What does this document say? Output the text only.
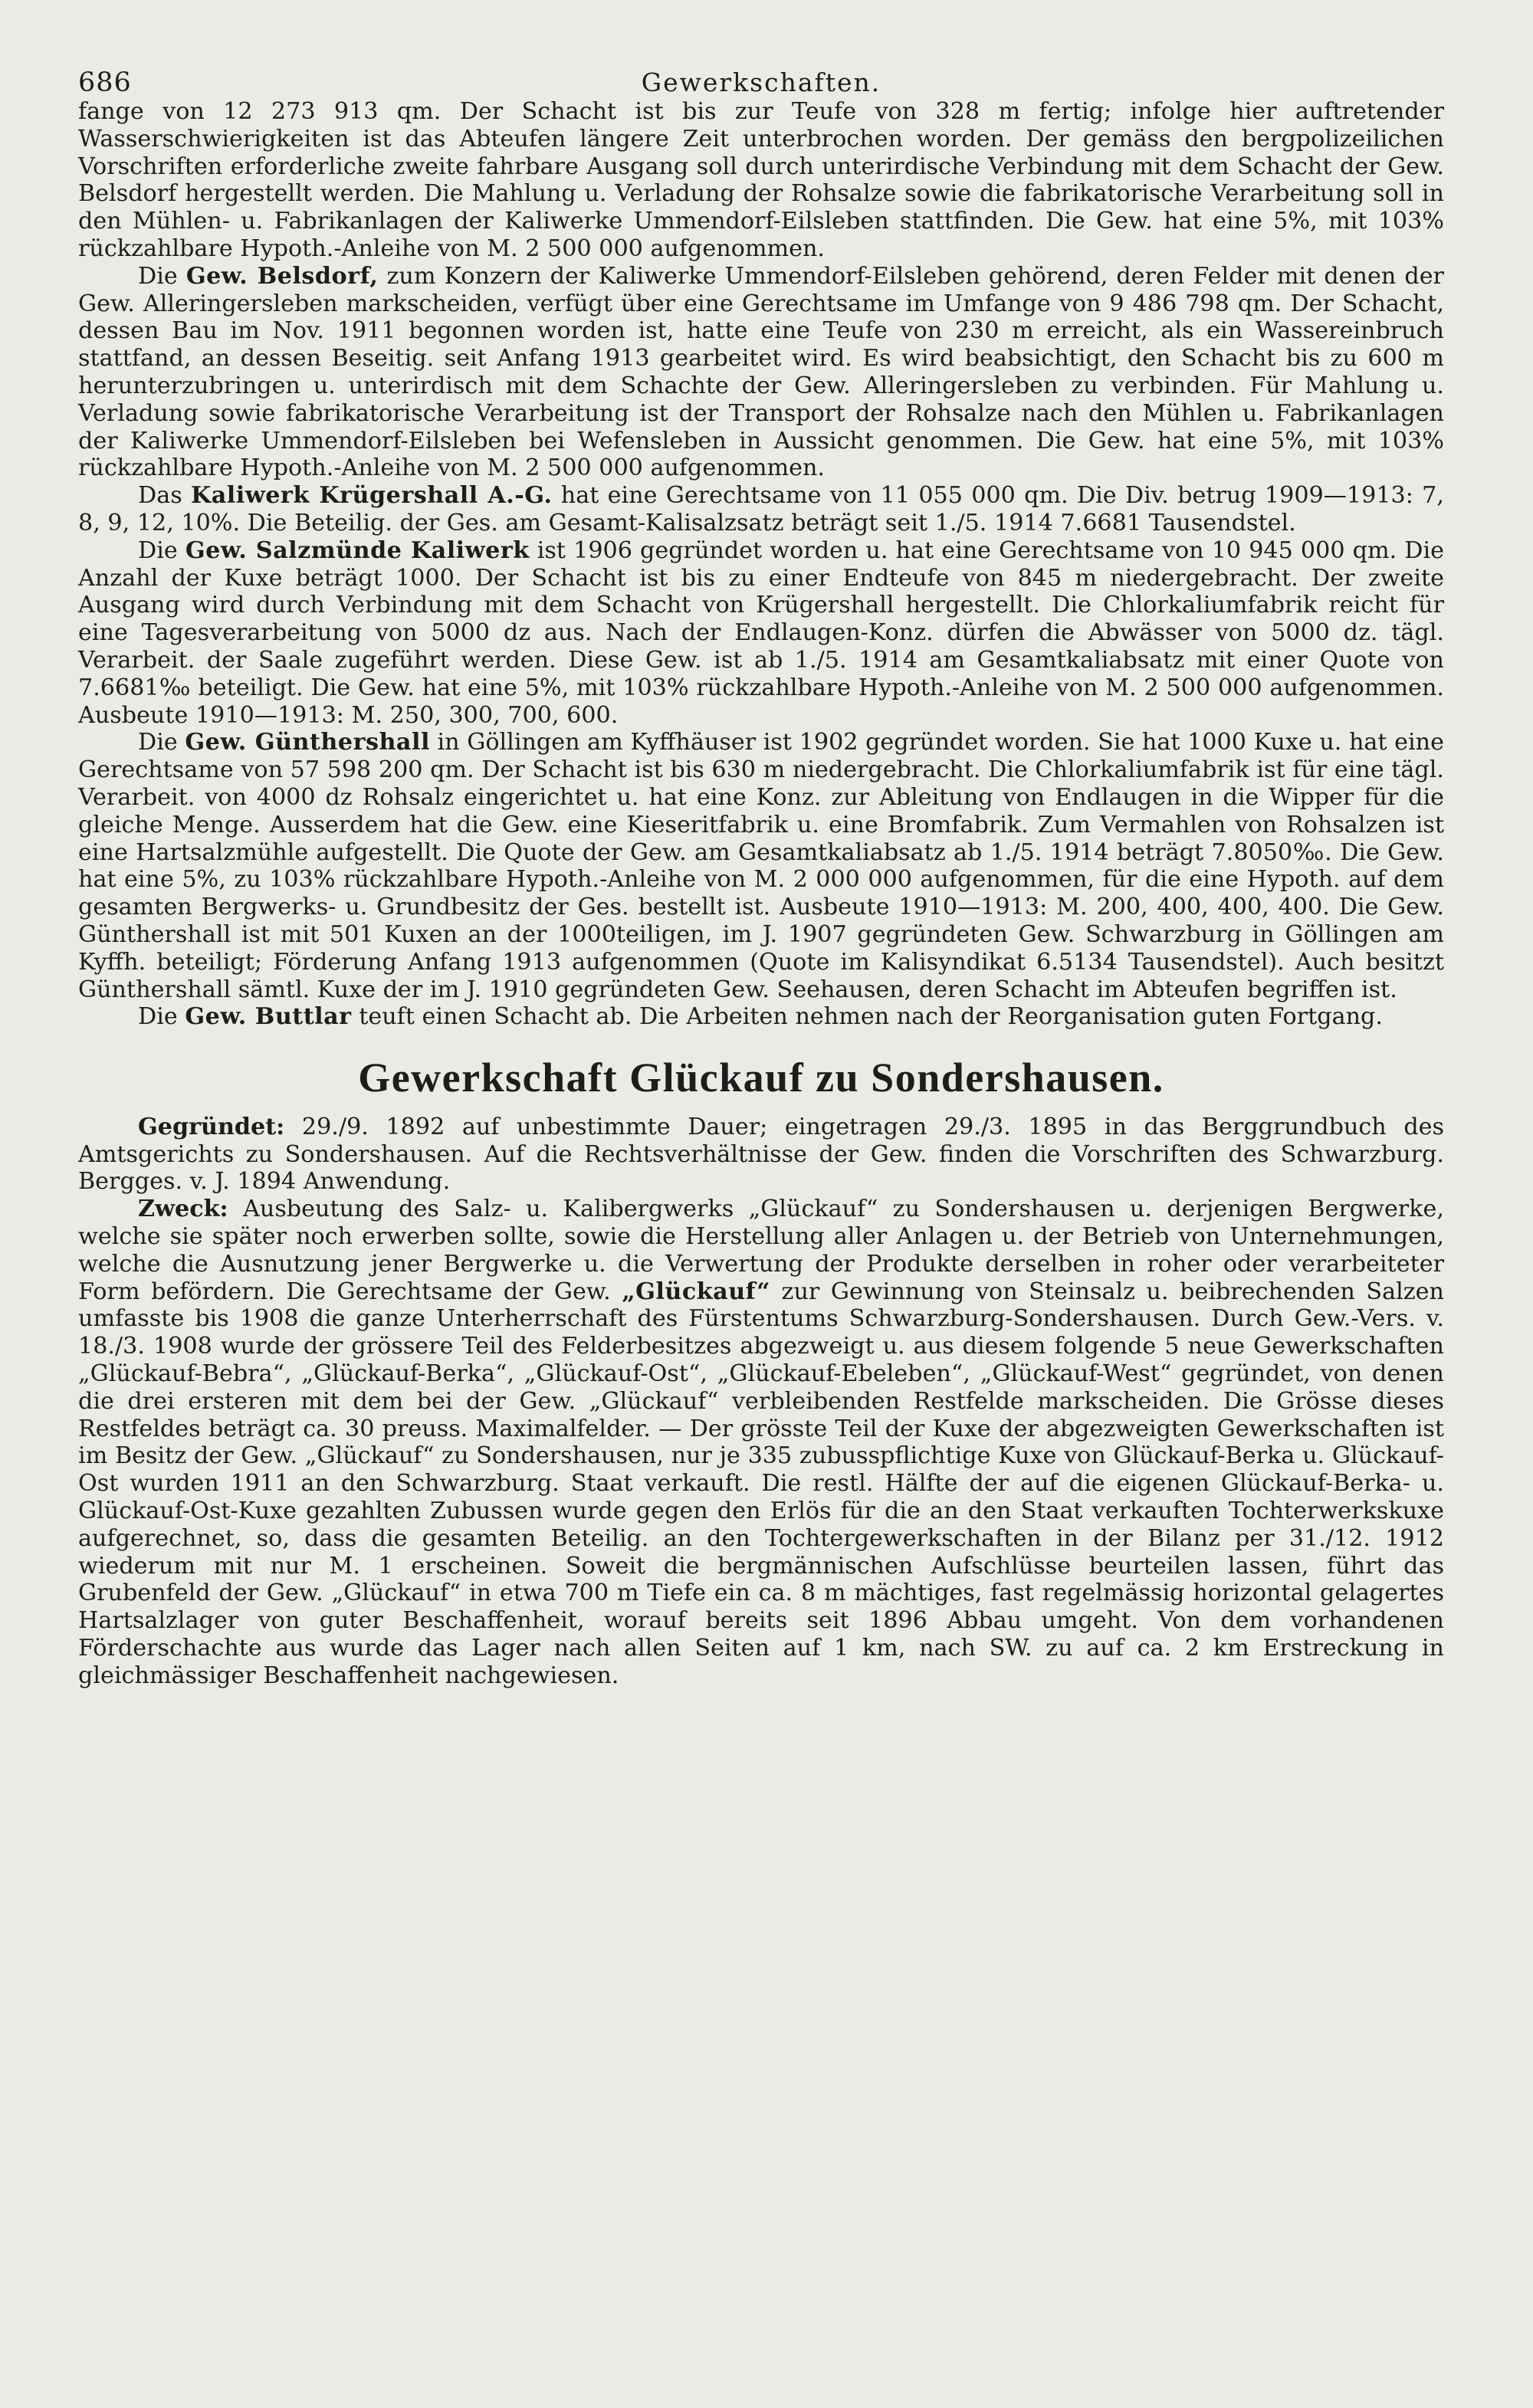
686	Gewerkschaften.

fange von 12 273 913 qm. Der Schacht ist bis zur Teufe von 328 m fertig; infolge hier auftretender Wasserschwierigkeiten ist das Abteufen längere Zeit unterbrochen worden. Der gemäss den bergpolizeilichen Vorschriften erforderliche zweite fahrbare Ausgang soll durch unterirdische Verbindung mit dem Schacht der Gew. Belsdorf hergestellt werden. Die Mahlung u. Verladung der Rohsalze sowie die fabrikatorische Verarbeitung soll in den Mühlen- u. Fabrikanlagen der Kaliwerke Ummendorf-Eilsleben stattfinden. Die Gew. hat eine 5%, mit 103% rückzahlbare Hypoth.-Anleihe von M. 2 500 000 aufgenommen.

Die Gew. Belsdorf, zum Konzern der Kaliwerke Ummendorf-Eilsleben gehörend, deren Felder mit denen der Gew. Alleringersleben markscheiden, verfügt über eine Gerechtsame im Umfange von 9 486 798 qm. Der Schacht, dessen Bau im Nov. 1911 begonnen worden ist, hatte eine Teufe von 230 m erreicht, als ein Wassereinbruch stattfand, an dessen Beseitig. seit Anfang 1913 gearbeitet wird. Es wird beabsichtigt, den Schacht bis zu 600 m herunterzubringen u. unterirdisch mit dem Schachte der Gew. Alleringersleben zu verbinden. Für Mahlung u. Verladung sowie fabrikatorische Verarbeitung ist der Transport der Rohsalze nach den Mühlen u. Fabrikanlagen der Kaliwerke Ummendorf-Eilsleben bei Wefensleben in Aussicht genommen. Die Gew. hat eine 5%, mit 103% rückzahlbare Hypoth.-Anleihe von M. 2 500 000 aufgenommen.

Das Kaliwerk Krügershall A.-G. hat eine Gerechtsame von 11 055 000 qm. Die Div. betrug 1909—1913: 7, 8, 9, 12, 10%. Die Beteilig. der Ges. am Gesamt-Kalisalzsatz beträgt seit 1./5. 1914 7.6681 Tausendstel.

Die Gew. Salzmünde Kaliwerk ist 1906 gegründet worden u. hat eine Gerechtsame von 10 945 000 qm. Die Anzahl der Kuxe beträgt 1000. Der Schacht ist bis zu einer Endteufe von 845 m niedergebracht. Der zweite Ausgang wird durch Verbindung mit dem Schacht von Krügershall hergestellt. Die Chlorkaliumfabrik reicht für eine Tagesverarbeitung von 5000 dz aus. Nach der Endlaugen-Konz. dürfen die Abwässer von 5000 dz. tägl. Verarbeit. der Saale zugeführt werden. Diese Gew. ist ab 1./5. 1914 am Gesamtkaliabsatz mit einer Quote von 7.6681‰ beteiligt. Die Gew. hat eine 5%, mit 103% rückzahlbare Hypoth.-Anleihe von M. 2 500 000 aufgenommen. Ausbeute 1910—1913: M. 250, 300, 700, 600.

Die Gew. Günthershall in Göllingen am Kyffhäuser ist 1902 gegründet worden. Sie hat 1000 Kuxe u. hat eine Gerechtsame von 57 598 200 qm. Der Schacht ist bis 630 m niedergebracht. Die Chlorkaliumfabrik ist für eine tägl. Verarbeit. von 4000 dz Rohsalz eingerichtet u. hat eine Konz. zur Ableitung von Endlaugen in die Wipper für die gleiche Menge. Ausserdem hat die Gew. eine Kieseritfabrik u. eine Bromfabrik. Zum Vermahlen von Rohsalzen ist eine Hartsalzmühle aufgestellt. Die Quote der Gew. am Gesamtkaliabsatz ab 1./5. 1914 beträgt 7.8050‰. Die Gew. hat eine 5%, zu 103% rückzahlbare Hypoth.-Anleihe von M. 2 000 000 aufgenommen, für die eine Hypoth. auf dem gesamten Bergwerks- u. Grundbesitz der Ges. bestellt ist. Ausbeute 1910—1913: M. 200, 400, 400, 400. Die Gew. Günthershall ist mit 501 Kuxen an der 1000teiligen, im J. 1907 gegründeten Gew. Schwarzburg in Göllingen am Kyffh. beteiligt; Förderung Anfang 1913 aufgenommen (Quote im Kalisyndikat 6.5134 Tausendstel). Auch besitzt Günthershall sämtl. Kuxe der im J. 1910 gegründeten Gew. Seehausen, deren Schacht im Abteufen begriffen ist.

Die Gew. Buttlar teuft einen Schacht ab. Die Arbeiten nehmen nach der Reorganisation guten Fortgang.

Gewerkschaft Glückauf zu Sondershausen.

Gegründet: 29./9. 1892 auf unbestimmte Dauer; eingetragen 29./3. 1895 in das Berggrundbuch des Amtsgerichts zu Sondershausen. Auf die Rechtsverhältnisse der Gew. finden die Vorschriften des Schwarzburg. Bergges. v. J. 1894 Anwendung.

Zweck: Ausbeutung des Salz- u. Kalibergwerks „Glückauf“ zu Sondershausen u. derjenigen Bergwerke, welche sie später noch erwerben sollte, sowie die Herstellung aller Anlagen u. der Betrieb von Unternehmungen, welche die Ausnutzung jener Bergwerke u. die Verwertung der Produkte derselben in roher oder verarbeiteter Form befördern. Die Gerechtsame der Gew. „Glückauf“ zur Gewinnung von Steinsalz u. beibrechenden Salzen umfasste bis 1908 die ganze Unterherrschaft des Fürstentums Schwarzburg-Sondershausen. Durch Gew.-Vers. v. 18./3. 1908 wurde der grössere Teil des Felderbesitzes abgezweigt u. aus diesem folgende 5 neue Gewerkschaften „Glückauf-Bebra“, „Glückauf-Berka“, „Glückauf-Ost“, „Glückauf-Ebeleben“, „Glückauf-West“ gegründet, von denen die drei ersteren mit dem bei der Gew. „Glückauf“ verbleibenden Restfelde markscheiden. Die Grösse dieses Restfeldes beträgt ca. 30 preuss. Maximalfelder. — Der grösste Teil der Kuxe der abgezweigten Gewerkschaften ist im Besitz der Gew. „Glückauf“ zu Sondershausen, nur je 335 zubusspflichtige Kuxe von Glückauf-Berka u. Glückauf-Ost wurden 1911 an den Schwarzburg. Staat verkauft. Die restl. Hälfte der auf die eigenen Glückauf-Berka- u. Glückauf-Ost-Kuxe gezahlten Zubussen wurde gegen den Erlös für die an den Staat verkauften Tochterwerkskuxe aufgerechnet, so, dass die gesamten Beteilig. an den Tochtergewerkschaften in der Bilanz per 31./12. 1912 wiederum mit nur M. 1 erscheinen. Soweit die bergmännischen Aufschlüsse beurteilen lassen, führt das Grubenfeld der Gew. „Glückauf“ in etwa 700 m Tiefe ein ca. 8 m mächtiges, fast regelmässig horizontal gelagertes Hartsalzlager von guter Beschaffenheit, worauf bereits seit 1896 Abbau umgeht. Von dem vorhandenen Förderschachte aus wurde das Lager nach allen Seiten auf 1 km, nach SW. zu auf ca. 2 km Erstreckung in gleichmässiger Beschaffenheit nachgewiesen.
